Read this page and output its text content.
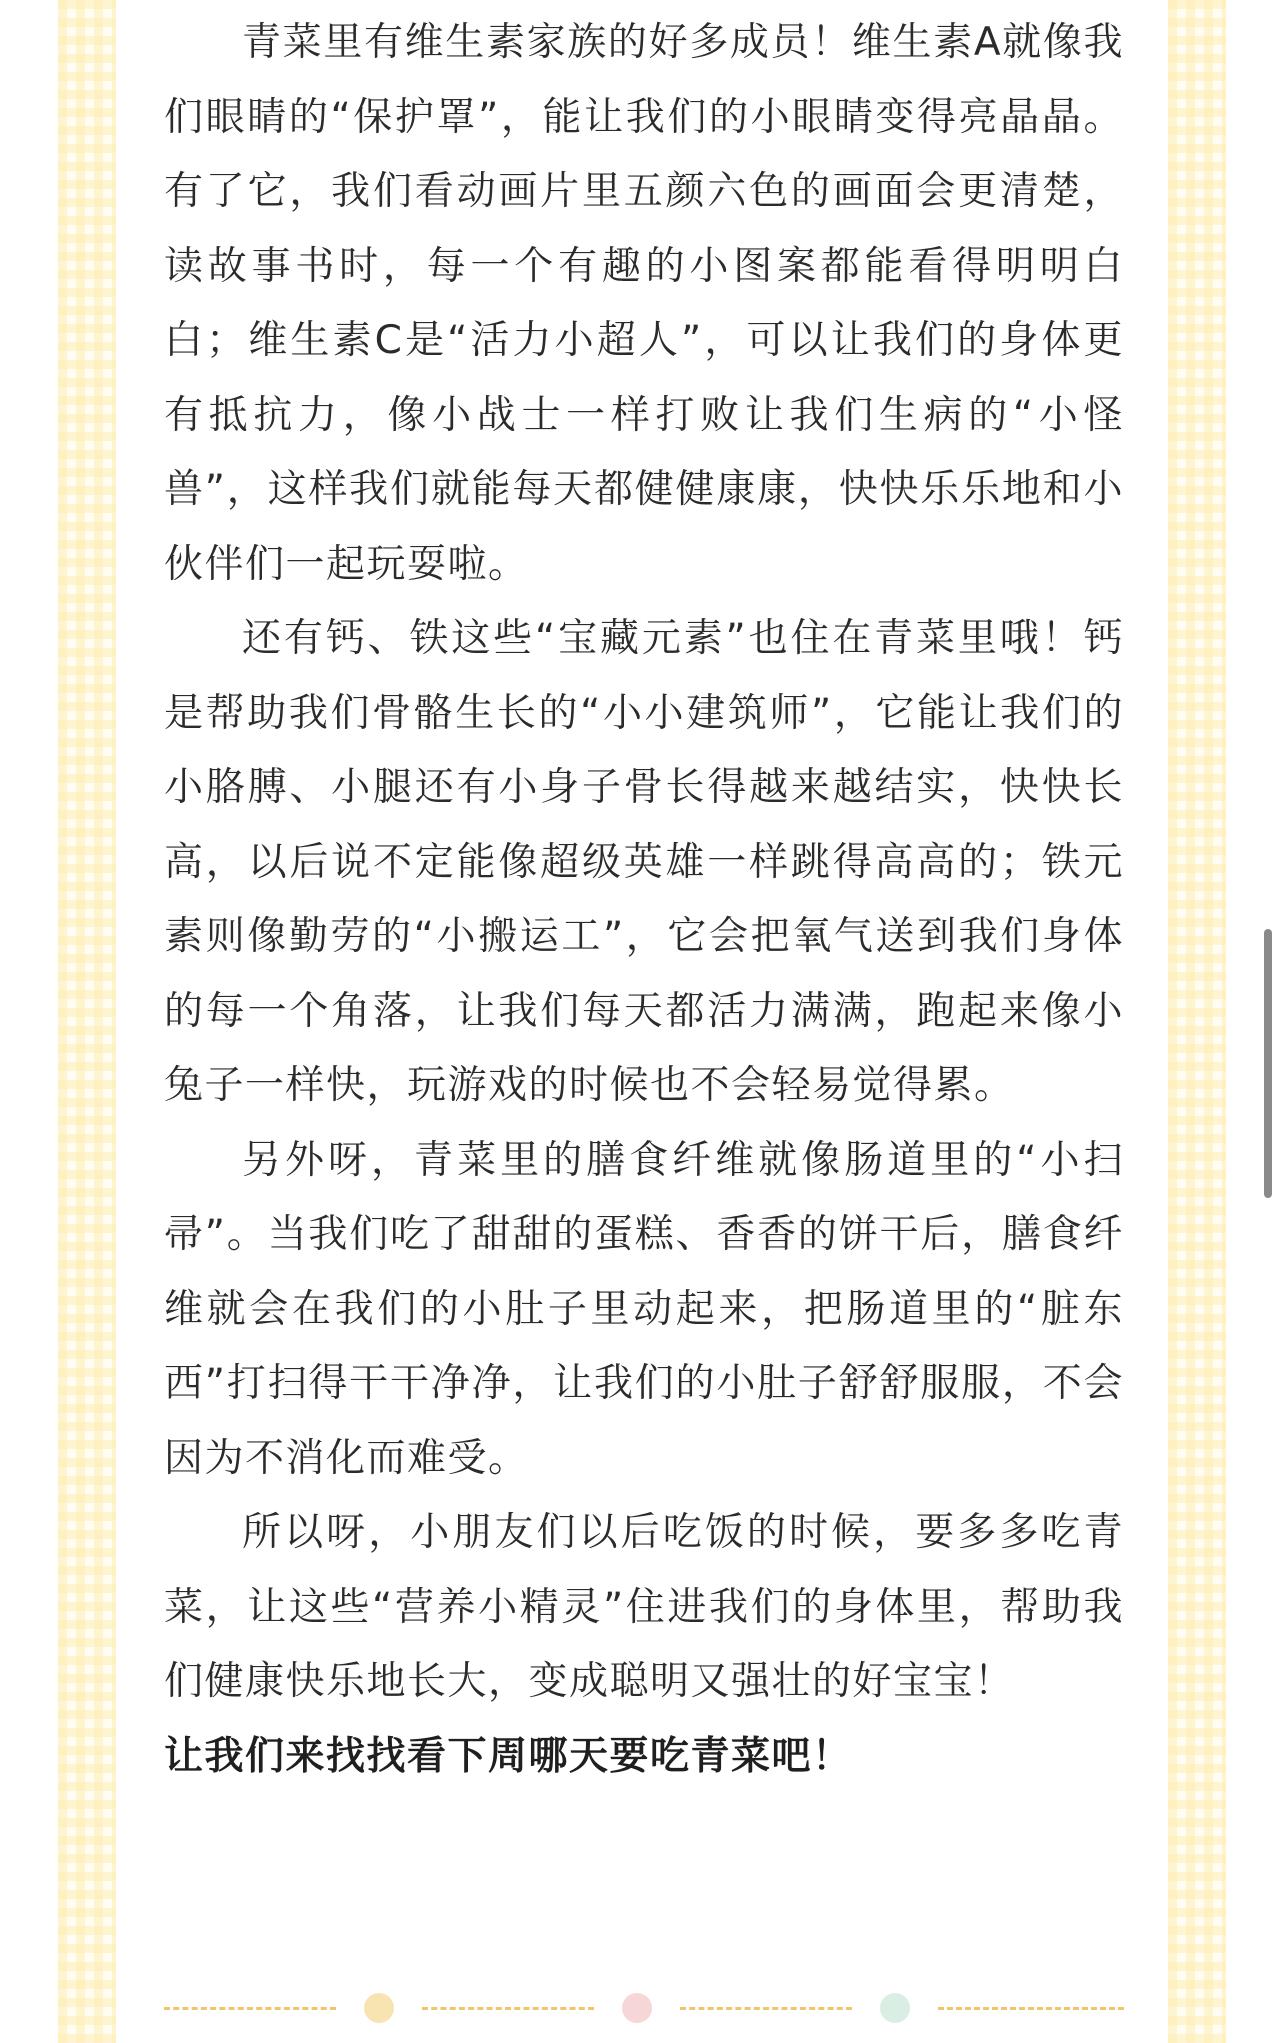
青菜里有维生素家族的好多成员！维生素A就像我们眼睛的“保护罩”，能让我们的小眼睛变得亮晶晶。有了它，我们看动画片里五颜六色的画面会更清楚，读故事书时，每一个有趣的小图案都能看得明明白白；维生素C是“活力小超人”，可以让我们的身体更有抵抗力，像小战士一样打败让我们生病的“小怪兽”，这样我们就能每天都健健康康，快快乐乐地和小伙伴们一起玩耍啦。

还有钙、铁这些“宝藏元素”也住在青菜里哦！钙是帮助我们骨骼生长的“小小建筑师”，它能让我们的小胳膊、小腿还有小身子骨长得越来越结实，快快长高，以后说不定能像超级英雄一样跳得高高的；铁元素则像勤劳的“小搬运工”，它会把氧气送到我们身体的每一个角落，让我们每天都活力满满，跑起来像小兔子一样快，玩游戏的时候也不会轻易觉得累。

另外呀，青菜里的膳食纤维就像肠道里的“小扫帚”。当我们吃了甜甜的蛋糕、香香的饼干后，膳食纤维就会在我们的小肚子里动起来，把肠道里的“脏东西”打扫得干干净净，让我们的小肚子舒舒服服，不会因为不消化而难受。

所以呀，小朋友们以后吃饭的时候，要多多吃青菜，让这些“营养小精灵”住进我们的身体里，帮助我们健康快乐地长大，变成聪明又强壮的好宝宝！

让我们来找找看下周哪天要吃青菜吧！
